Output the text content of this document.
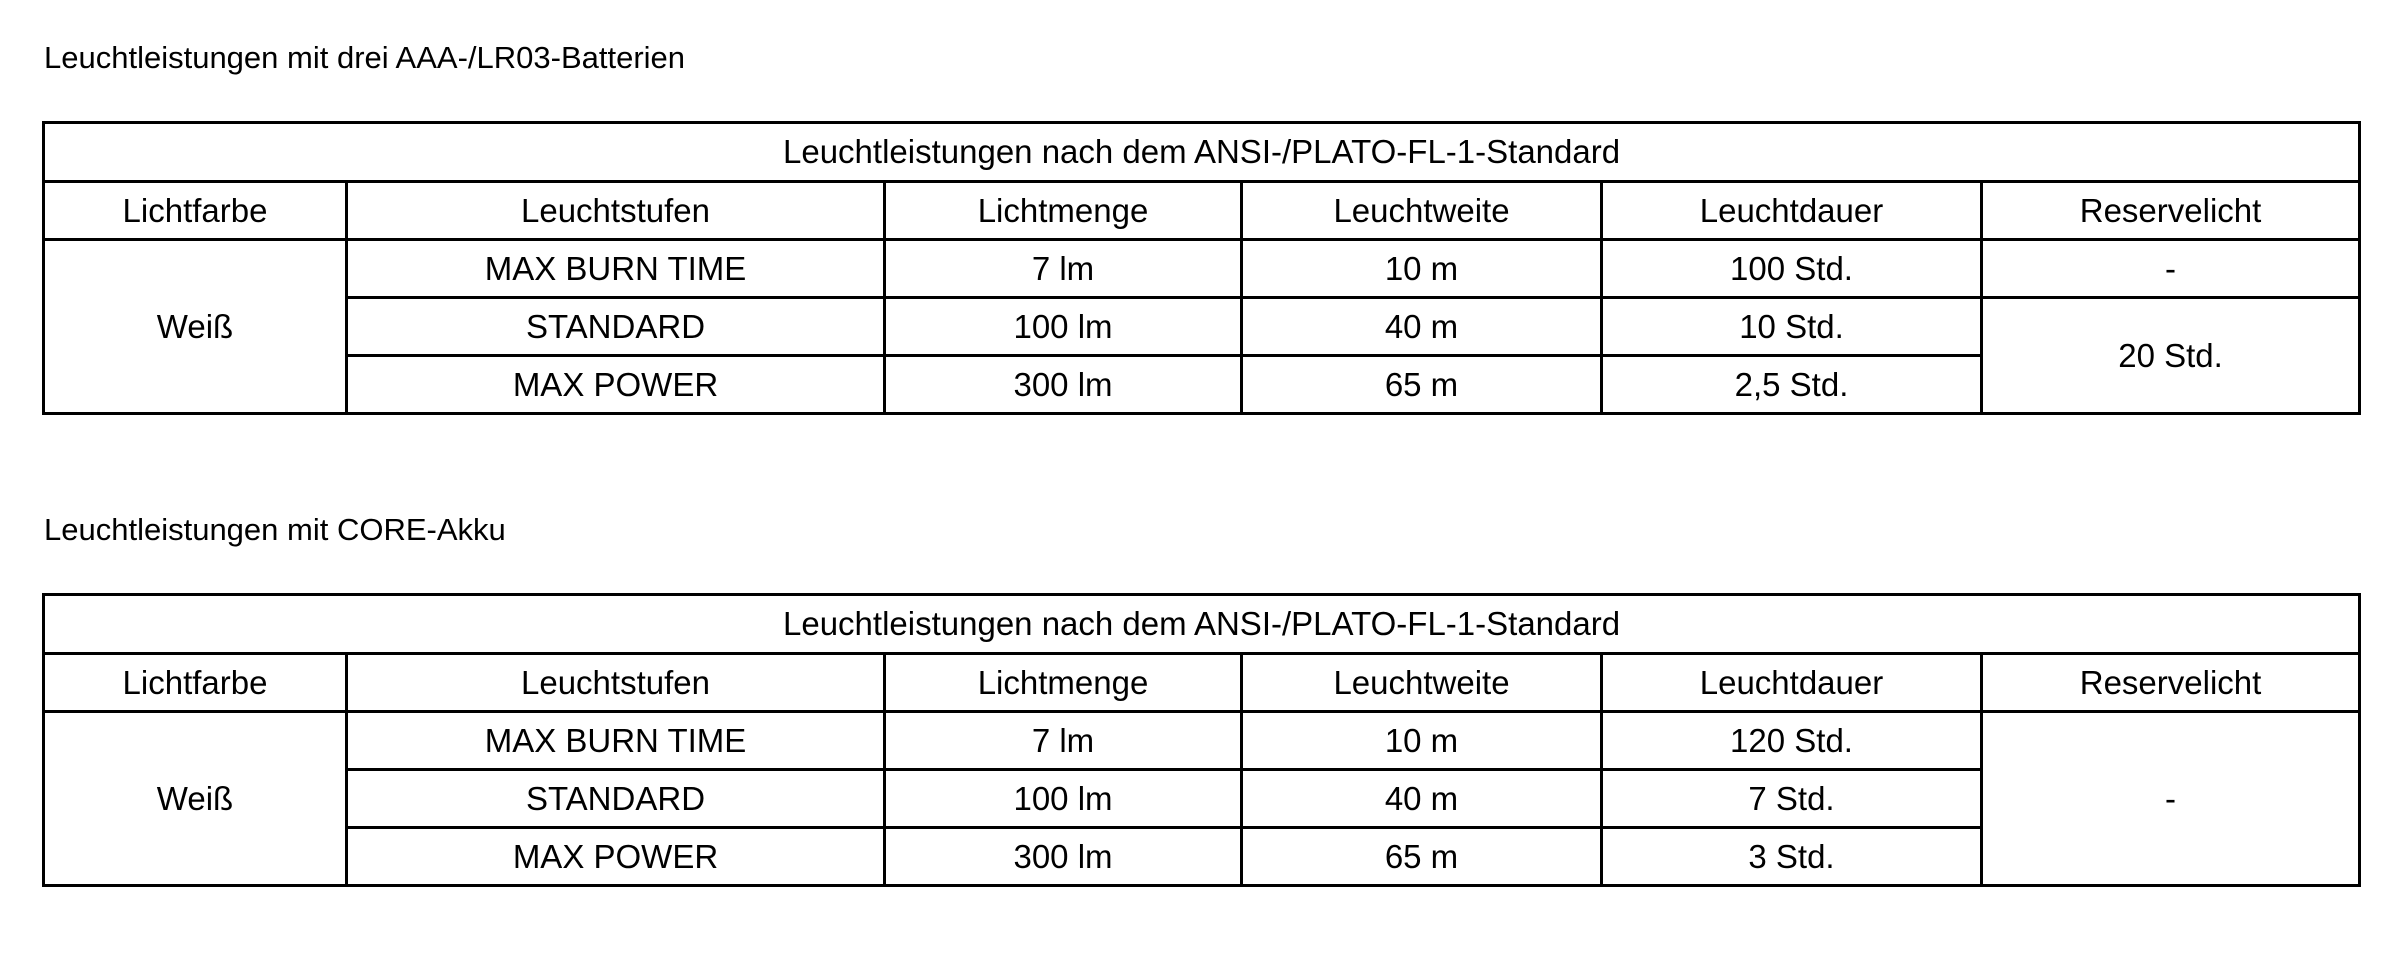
Leuchtleistungen mit drei AAA-/LR03-Batterien
Leuchtleistungen nach dem ANSI-/PLATO-FL-1-Standard					
Lichtfarbe	Leuchtstufen	Lichtmenge	Leuchtweite	Leuchtdauer	Reservelicht
Weiß	MAX BURN TIME	7 lm	10 m	100 Std.	-
	STANDARD	100 lm	40 m	10 Std.	20 Std.
	MAX POWER	300 lm	65 m	2,5 Std.	
Leuchtleistungen mit CORE-Akku
Leuchtleistungen nach dem ANSI-/PLATO-FL-1-Standard					
Lichtfarbe	Leuchtstufen	Lichtmenge	Leuchtweite	Leuchtdauer	Reservelicht
Weiß	MAX BURN TIME	7 lm	10 m	120 Std.	-
	STANDARD	100 lm	40 m	7 Std.	
	MAX POWER	300 lm	65 m	3 Std.	
